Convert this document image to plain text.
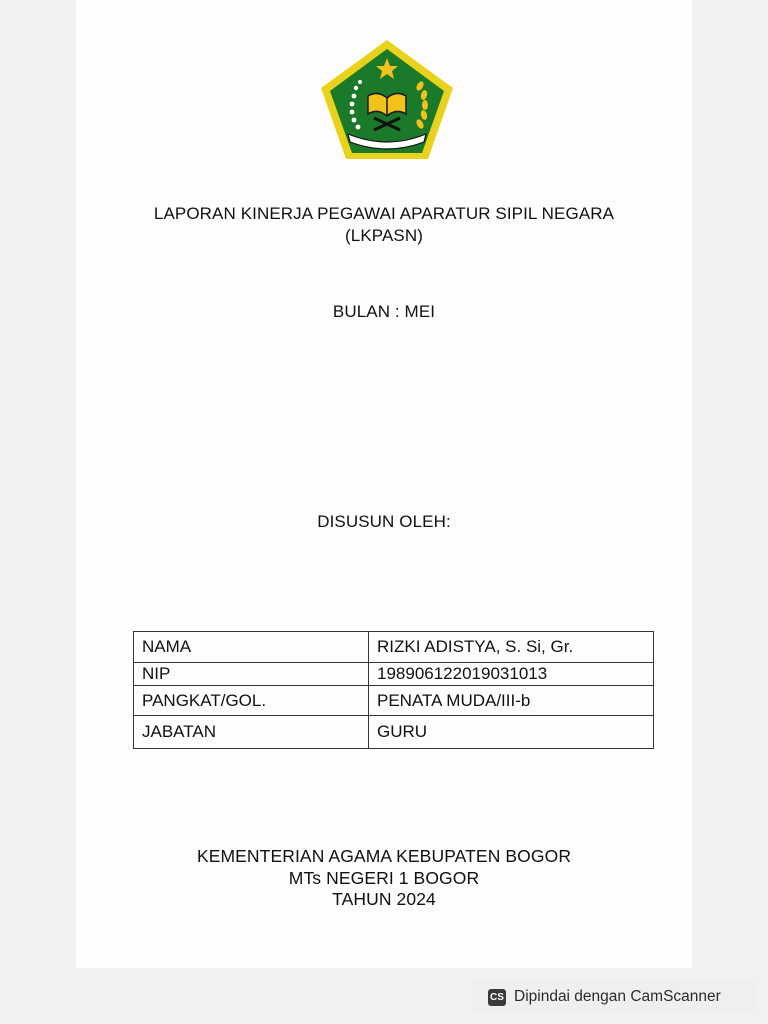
LAPORAN KINERJA PEGAWAI APARATUR SIPIL NEGARA
(LKPASN)
BULAN : MEI
DISUSUN OLEH:
NAMA	RIZKI ADISTYA, S. Si, Gr.
NIP	198906122019031013
PANGKAT/GOL.	PENATA MUDA/III-b
JABATAN	GURU
KEMENTERIAN AGAMA KEBUPATEN BOGOR
MTs NEGERI 1 BOGOR
TAHUN 2024
CS Dipindai dengan CamScanner
